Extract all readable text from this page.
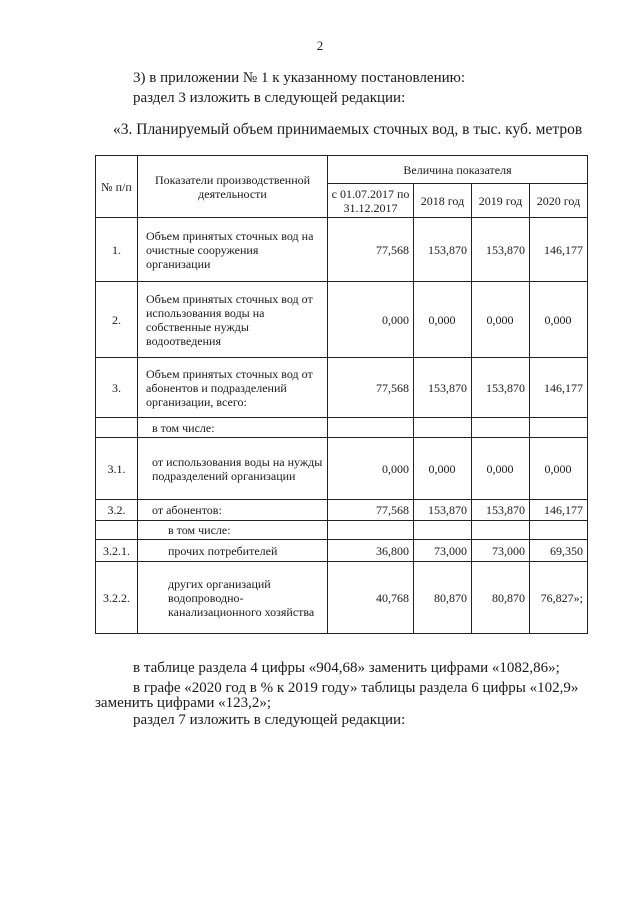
2
3) в приложении № 1 к указанному постановлению:
раздел 3 изложить в следующей редакции:
«3. Планируемый объем принимаемых сточных вод, в тыс. куб. метров
№ п/п	Показатели производственной деятельности	Величина показателя			
		с 01.07.2017 по 31.12.2017	2018 год	2019 год	2020 год
1.	Объем принятых сточных вод на очистные сооружения организации	77,568	153,870	153,870	146,177
2.	Объем принятых сточных вод от использования воды на собственные нужды водоотведения	0,000	0,000	0,000	0,000
3.	Объем принятых сточных вод от абонентов и подразделений организации, всего:	77,568	153,870	153,870	146,177
	в том числе:				
3.1.	от использования воды на нужды подразделений организации	0,000	0,000	0,000	0,000
3.2.	от абонентов:	77,568	153,870	153,870	146,177
	в том числе:				
3.2.1.	прочих потребителей	36,800	73,000	73,000	69,350
3.2.2.	других организаций водопроводно-канализационного хозяйства	40,768	80,870	80,870	76,827»;
в таблице раздела 4 цифры «904,68» заменить цифрами «1082,86»;
в графе «2020 год в % к 2019 году» таблицы раздела 6 цифры «102,9»
заменить цифрами «123,2»;
раздел 7 изложить в следующей редакции:
